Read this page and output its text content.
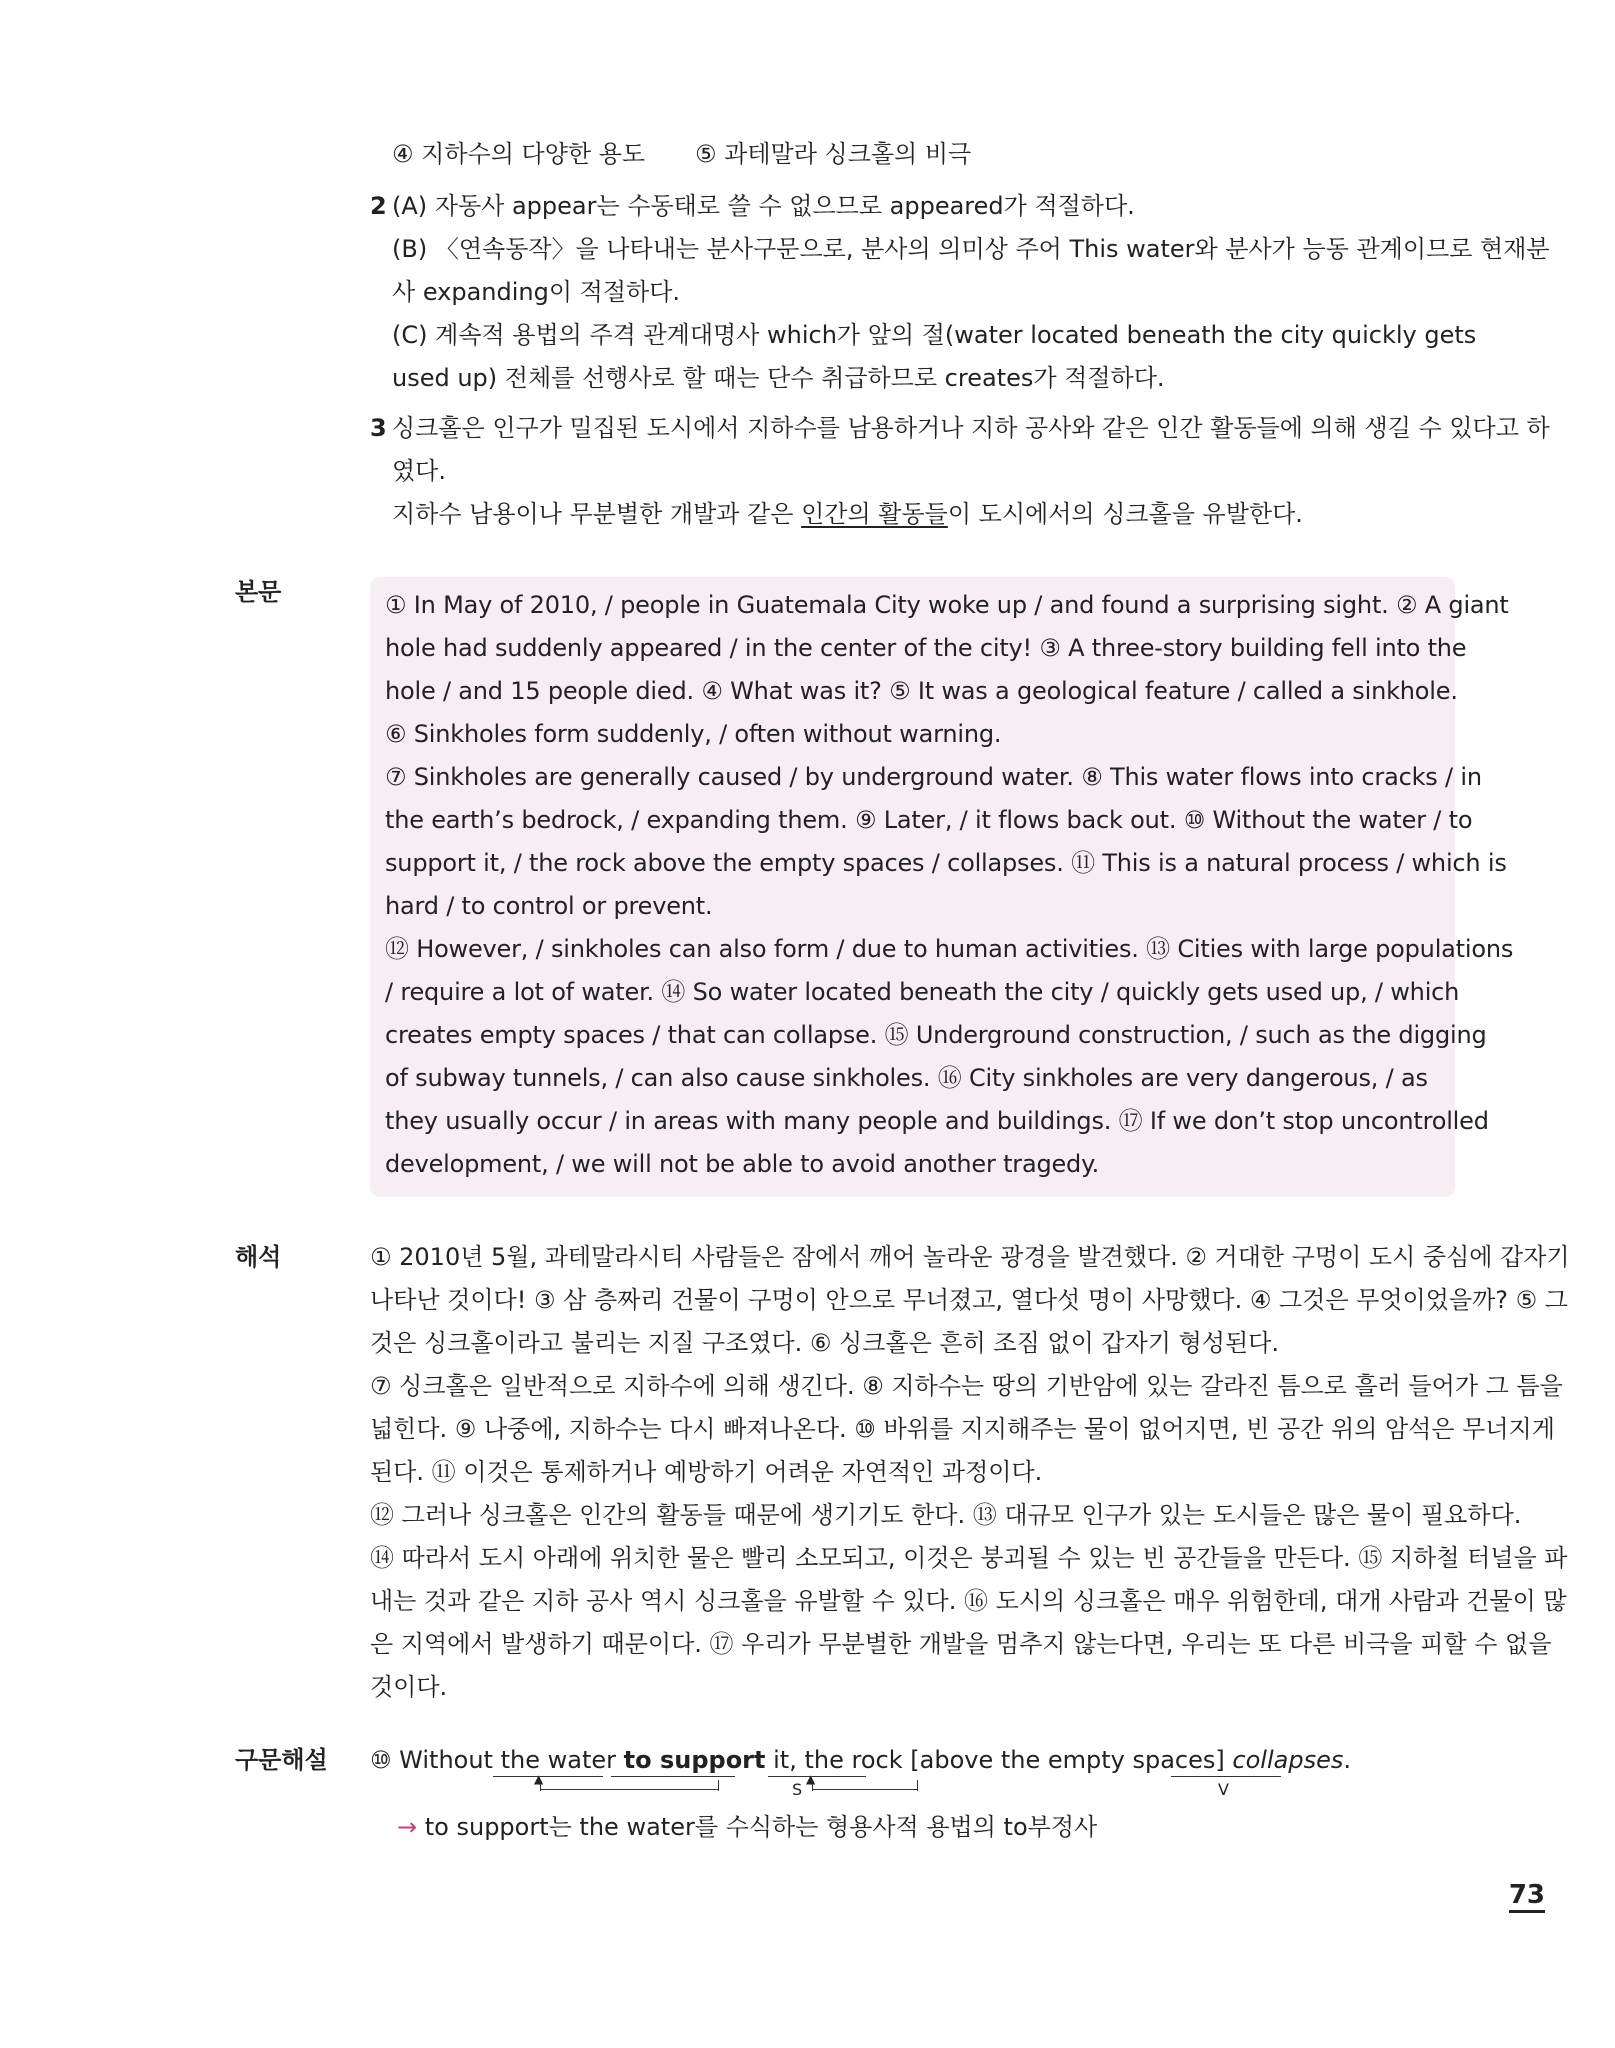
④ 지하수의 다양한 용도 ⑤ 과테말라 싱크홀의 비극
2 (A) 자동사 appear는 수동태로 쓸 수 없으므로 appeared가 적절하다.
(B) 〈연속동작〉을 나타내는 분사구문으로, 분사의 의미상 주어 This water와 분사가 능동 관계이므로 현재분
사 expanding이 적절하다.
(C) 계속적 용법의 주격 관계대명사 which가 앞의 절(water located beneath the city quickly gets
used up) 전체를 선행사로 할 때는 단수 취급하므로 creates가 적절하다.
3 싱크홀은 인구가 밀집된 도시에서 지하수를 남용하거나 지하 공사와 같은 인간 활동들에 의해 생길 수 있다고 하
였다.
지하수 남용이나 무분별한 개발과 같은 인간의 활동들이 도시에서의 싱크홀을 유발한다.
본문	① In May of 2010, / people in Guatemala City woke up / and found a surprising sight. ② A giant
hole had suddenly appeared / in the center of the city! ③ A three-story building fell into the
hole / and 15 people died. ④ What was it? ⑤ It was a geological feature / called a sinkhole.
⑥ Sinkholes form suddenly, / often without warning.
⑦ Sinkholes are generally caused / by underground water. ⑧ This water flows into cracks / in
the earth’s bedrock, / expanding them. ⑨ Later, / it flows back out. ⑩ Without the water / to
support it, / the rock above the empty spaces / collapses. ⑪ This is a natural process / which is
hard / to control or prevent.
⑫ However, / sinkholes can also form / due to human activities. ⑬ Cities with large populations
/ require a lot of water. ⑭ So water located beneath the city / quickly gets used up, / which
creates empty spaces / that can collapse. ⑮ Underground construction, / such as the digging
of subway tunnels, / can also cause sinkholes. ⑯ City sinkholes are very dangerous, / as
they usually occur / in areas with many people and buildings. ⑰ If we don’t stop uncontrolled
development, / we will not be able to avoid another tragedy.
해석	① 2010년 5월, 과테말라시티 사람들은 잠에서 깨어 놀라운 광경을 발견했다. ② 거대한 구멍이 도시 중심에 갑자기
나타난 것이다! ③ 삼 층짜리 건물이 구멍이 안으로 무너졌고, 열다섯 명이 사망했다. ④ 그것은 무엇이었을까? ⑤ 그
것은 싱크홀이라고 불리는 지질 구조였다. ⑥ 싱크홀은 흔히 조짐 없이 갑자기 형성된다.
⑦ 싱크홀은 일반적으로 지하수에 의해 생긴다. ⑧ 지하수는 땅의 기반암에 있는 갈라진 틈으로 흘러 들어가 그 틈을
넓힌다. ⑨ 나중에, 지하수는 다시 빠져나온다. ⑩ 바위를 지지해주는 물이 없어지면, 빈 공간 위의 암석은 무너지게
된다. ⑪ 이것은 통제하거나 예방하기 어려운 자연적인 과정이다.
⑫ 그러나 싱크홀은 인간의 활동들 때문에 생기기도 한다. ⑬ 대규모 인구가 있는 도시들은 많은 물이 필요하다.
⑭ 따라서 도시 아래에 위치한 물은 빨리 소모되고, 이것은 붕괴될 수 있는 빈 공간들을 만든다. ⑮ 지하철 터널을 파
내는 것과 같은 지하 공사 역시 싱크홀을 유발할 수 있다. ⑯ 도시의 싱크홀은 매우 위험한데, 대개 사람과 건물이 많
은 지역에서 발생하기 때문이다. ⑰ 우리가 무분별한 개발을 멈추지 않는다면, 우리는 또 다른 비극을 피할 수 없을
것이다.
구문해설 ⑩ Without the water to support it, the rock [above the empty spaces] collapses.
▲	▲
S	V
→ to support는 the water를 수식하는 형용사적 용법의 to부정사
73
